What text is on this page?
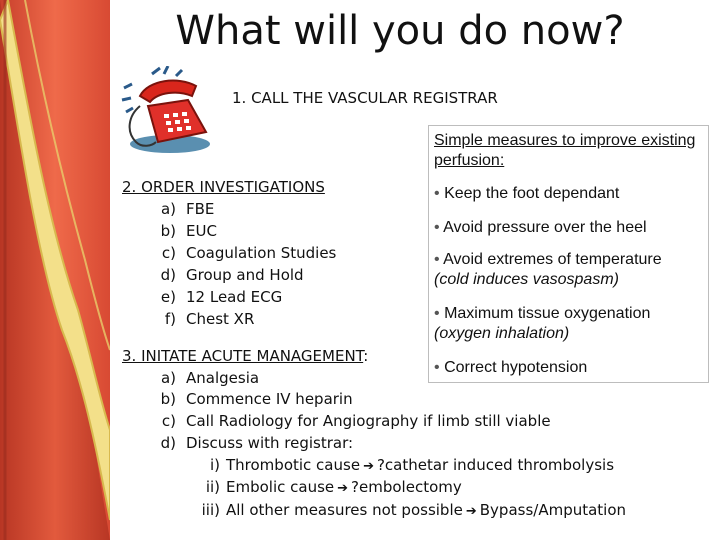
What will you do now?
1. CALL THE VASCULAR REGISTRAR
Simple measures to improve existing perfusion:
• Keep the foot dependant
• Avoid pressure over the heel
• Avoid extremes of temperature
(cold induces vasospasm)
• Maximum tissue oxygenation
(oxygen inhalation)
• Correct hypotension
2. ORDER INVESTIGATIONS
a) FBE
b) EUC
c) Coagulation Studies
d) Group and Hold
e) 12 Lead ECG
f) Chest XR
3. INITATE ACUTE MANAGEMENT:
a) Analgesia
b) Commence IV heparin
c) Call Radiology for Angiography if limb still viable
d) Discuss with registrar:
i) Thrombotic cause ➔ ?cathetar induced thrombolysis
ii) Embolic cause ➔ ?embolectomy
iii) All other measures not possible ➔ Bypass/Amputation
